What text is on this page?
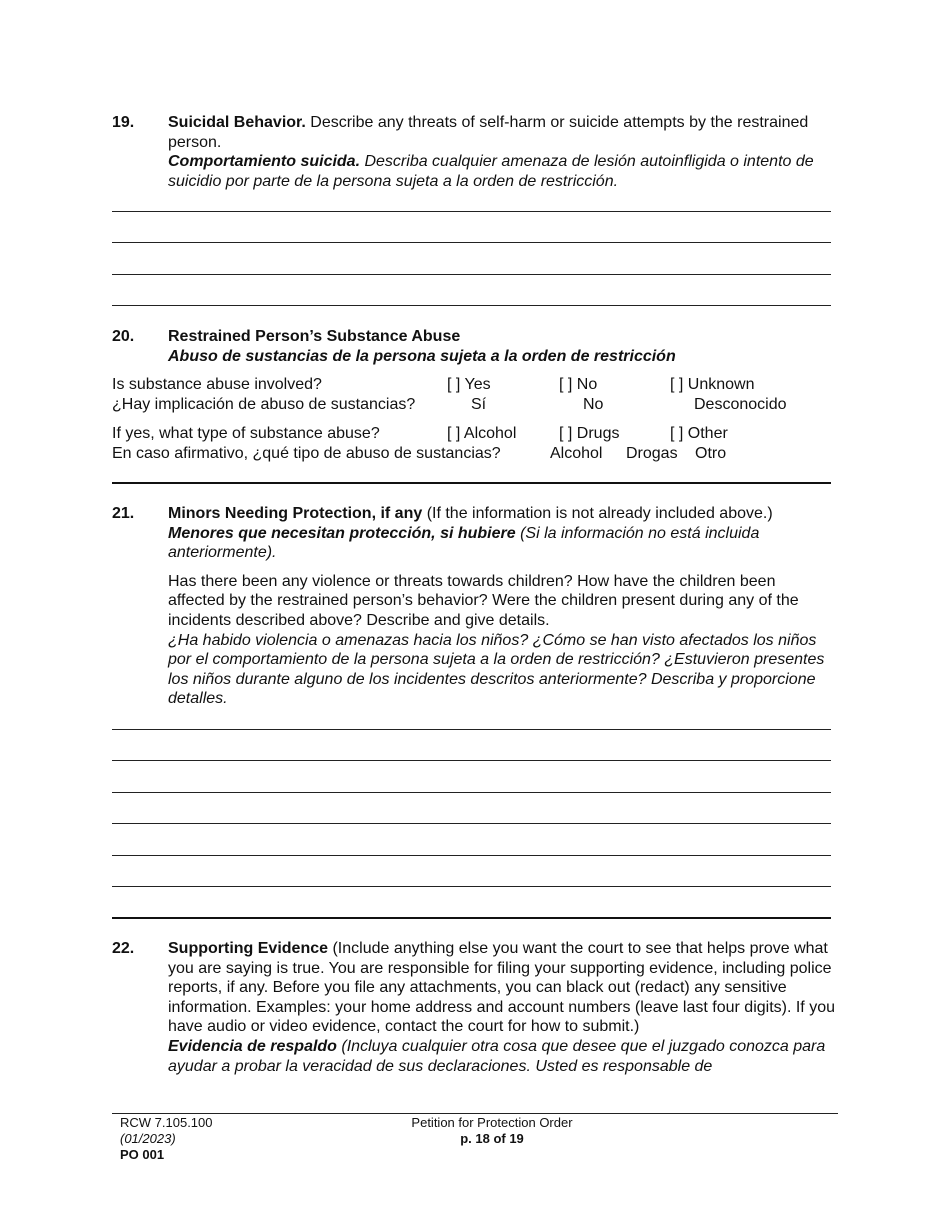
19. Suicidal Behavior. Describe any threats of self-harm or suicide attempts by the restrained person.

Comportamiento suicida. Describa cualquier amenaza de lesión autoinfligida o intento de suicidio por parte de la persona sujeta a la orden de restricción.

20. Restrained Person’s Substance Abuse

Abuso de sustancias de la persona sujeta a la orden de restricción

Is substance abuse involved?
¿Hay implicación de abuso de sustancias?
[ ] Yes
Sí
[ ] No
No
[ ] Unknown
Desconocido
If yes, what type of substance abuse?
En caso afirmativo, ¿qué tipo de abuso de sustancias?
[ ] Alcohol
Alcohol
[ ] Drugs
Drogas
[ ] Other
Otro
21. Minors Needing Protection, if any (If the information is not already included above.)

Menores que necesitan protección, si hubiere (Si la información no está incluida anteriormente).

Has there been any violence or threats towards children? How have the children been affected by the restrained person’s behavior? Were the children present during any of the incidents described above? Describe and give details.

¿Ha habido violencia o amenazas hacia los niños? ¿Cómo se han visto afectados los niños por el comportamiento de la persona sujeta a la orden de restricción? ¿Estuvieron presentes los niños durante alguno de los incidentes descritos anteriormente? Describa y proporcione detalles.

22. Supporting Evidence (Include anything else you want the court to see that helps prove what you are saying is true. You are responsible for filing your supporting evidence, including police reports, if any. Before you file any attachments, you can black out (redact) any sensitive information. Examples: your home address and account numbers (leave last four digits). If you have audio or video evidence, contact the court for how to submit.)

Evidencia de respaldo (Incluya cualquier otra cosa que desee que el juzgado conozca para ayudar a probar la veracidad de sus declaraciones. Usted es responsable de

RCW 7.105.100
(01/2023)
PO 001
Petition for Protection Order
p. 18 of 19
